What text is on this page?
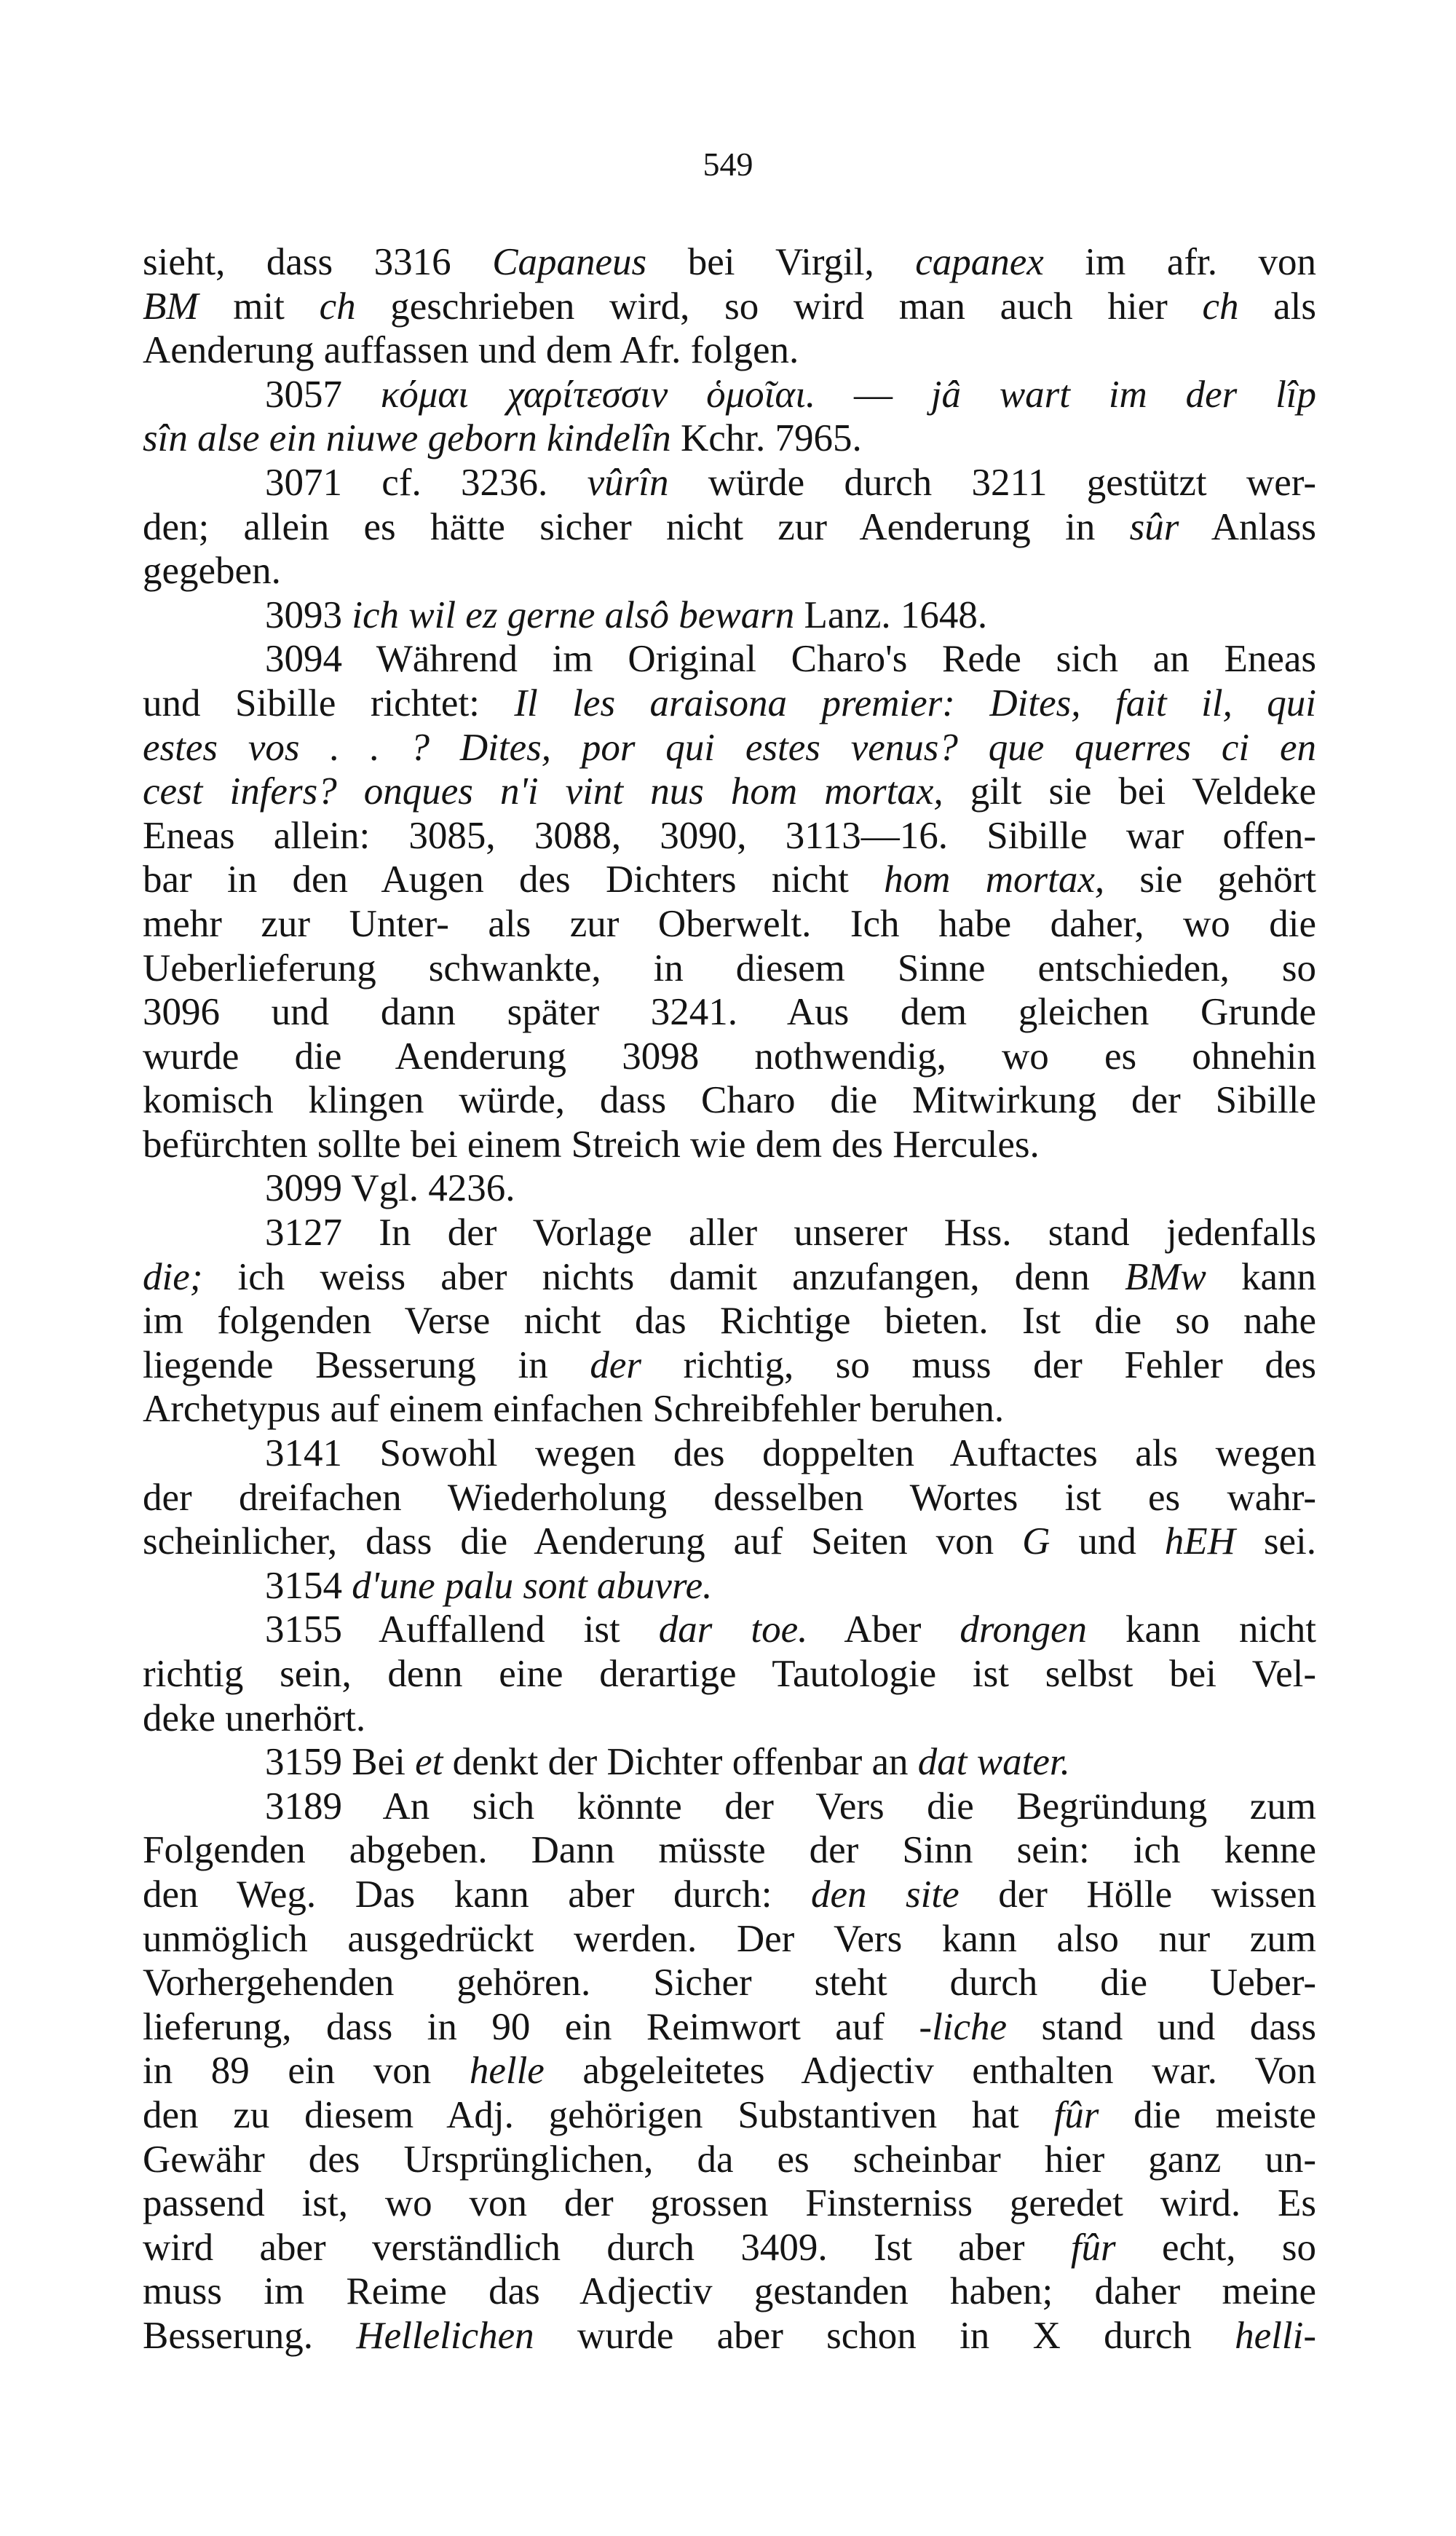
549
sieht, dass 3316 Capaneus bei Virgil, capanex im afr. von
BM mit ch geschrieben wird, so wird man auch hier ch als
Aenderung auffassen und dem Afr. folgen.
3057 κόμαι χαρίτεσσιν ὁμοῖαι. — jâ wart im der lîp
sîn alse ein niuwe geborn kindelîn Kchr. 7965.
3071 cf. 3236. vûrîn würde durch 3211 gestützt wer-
den; allein es hätte sicher nicht zur Aenderung in sûr Anlass
gegeben.
3093 ich wil ez gerne alsô bewarn Lanz. 1648.
3094 Während im Original Charo's Rede sich an Eneas
und Sibille richtet: Il les araisona premier: Dites, fait il, qui
estes vos . . ? Dites, por qui estes venus? que querres ci en
cest infers? onques n'i vint nus hom mortax, gilt sie bei Veldeke
Eneas allein: 3085, 3088, 3090, 3113—16. Sibille war offen-
bar in den Augen des Dichters nicht hom mortax, sie gehört
mehr zur Unter- als zur Oberwelt. Ich habe daher, wo die
Ueberlieferung schwankte, in diesem Sinne entschieden, so
3096 und dann später 3241. Aus dem gleichen Grunde
wurde die Aenderung 3098 nothwendig, wo es ohnehin
komisch klingen würde, dass Charo die Mitwirkung der Sibille
befürchten sollte bei einem Streich wie dem des Hercules.
3099 Vgl. 4236.
3127 In der Vorlage aller unserer Hss. stand jedenfalls
die; ich weiss aber nichts damit anzufangen, denn BMw kann
im folgenden Verse nicht das Richtige bieten. Ist die so nahe
liegende Besserung in der richtig, so muss der Fehler des
Archetypus auf einem einfachen Schreibfehler beruhen.
3141 Sowohl wegen des doppelten Auftactes als wegen
der dreifachen Wiederholung desselben Wortes ist es wahr-
scheinlicher, dass die Aenderung auf Seiten von G und hEH sei.
3154 d'une palu sont abuvre.
3155 Auffallend ist dar toe. Aber drongen kann nicht
richtig sein, denn eine derartige Tautologie ist selbst bei Vel-
deke unerhört.
3159 Bei et denkt der Dichter offenbar an dat water.
3189 An sich könnte der Vers die Begründung zum
Folgenden abgeben. Dann müsste der Sinn sein: ich kenne
den Weg. Das kann aber durch: den site der Hölle wissen
unmöglich ausgedrückt werden. Der Vers kann also nur zum
Vorhergehenden gehören. Sicher steht durch die Ueber-
lieferung, dass in 90 ein Reimwort auf -liche stand und dass
in 89 ein von helle abgeleitetes Adjectiv enthalten war. Von
den zu diesem Adj. gehörigen Substantiven hat fûr die meiste
Gewähr des Ursprünglichen, da es scheinbar hier ganz un-
passend ist, wo von der grossen Finsterniss geredet wird. Es
wird aber verständlich durch 3409. Ist aber fûr echt, so
muss im Reime das Adjectiv gestanden haben; daher meine
Besserung. Hellelichen wurde aber schon in X durch helli-
